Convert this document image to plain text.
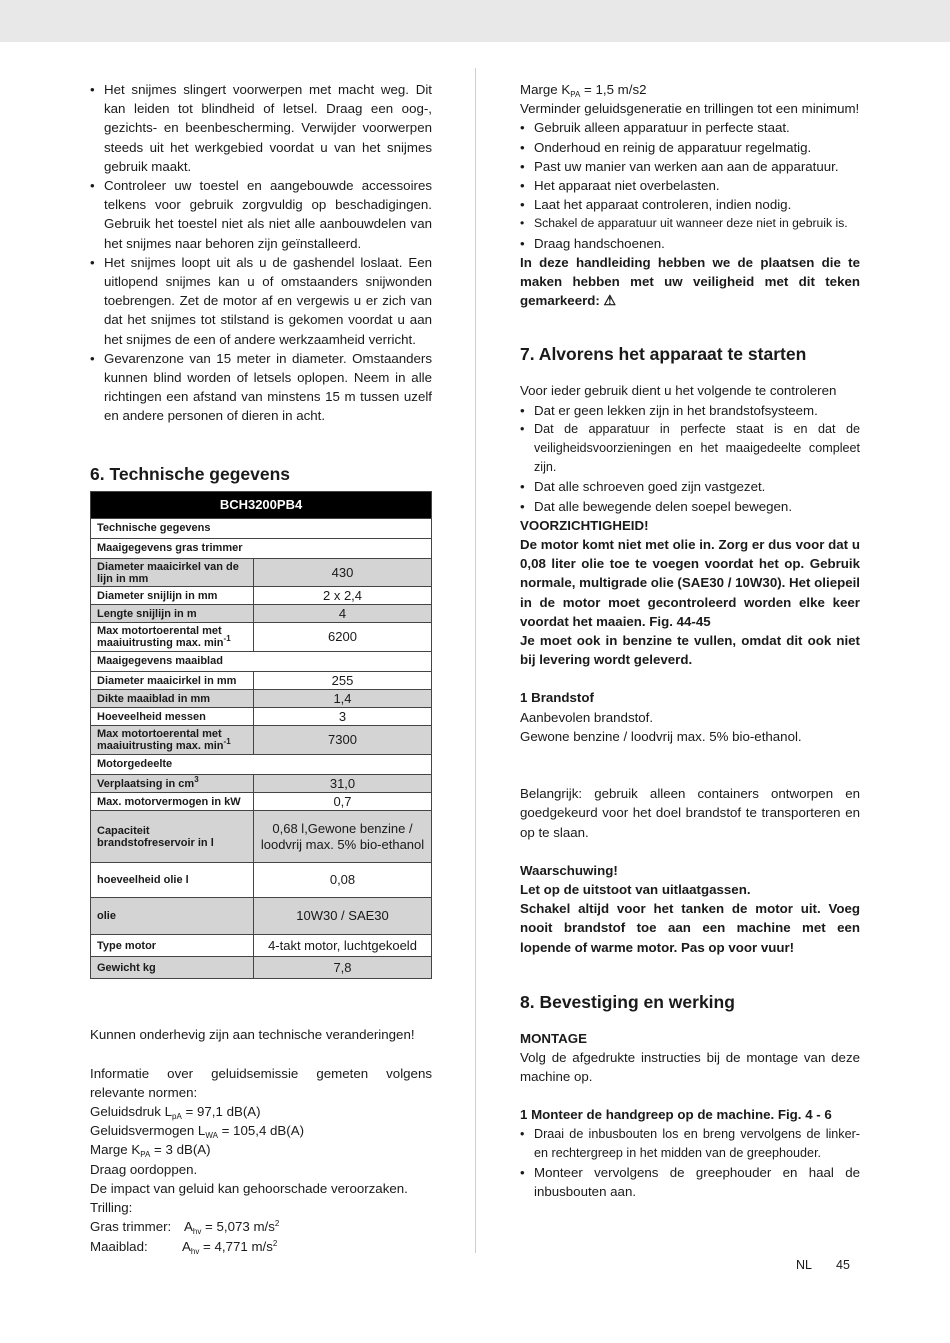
• Het snijmes slingert voorwerpen met macht weg. Dit kan leiden tot blindheid of letsel. Draag een oog-, gezichts- en beenbescherming. Verwijder voorwerpen steeds uit het werkgebied voordat u van het snijmes gebruik maakt.
• Controleer uw toestel en aangebouwde accessoires telkens voor gebruik zorgvuldig op beschadigingen. Gebruik het toestel niet als niet alle aanbouwdelen van het snijmes naar behoren zijn geïnstalleerd.
• Het snijmes loopt uit als u de gashendel loslaat. Een uitlopend snijmes kan u of omstaanders snijwonden toebrengen. Zet de motor af en vergewis u er zich van dat het snijmes tot stilstand is gekomen voordat u aan het snijmes de een of andere werkzaamheid verricht.
• Gevarenzone van 15 meter in diameter. Omstaanders kunnen blind worden of letsels oplopen. Neem in alle richtingen een afstand van minstens 15 m tussen uzelf en andere personen of dieren in acht.
6. Technische gegevens
BCH3200PB4	
Technische gegevens	
Maaigegevens gras trimmer	
Diameter maaicirkel van de lijn in mm	430
Diameter snijlijn in mm	2 x 2,4
Lengte snijlijn in m	4
Max motortoerental met maaiuitrusting max. $\min^{-1}$	6200
Maaigegevens maaiblad	
Diameter maaicirkel in mm	255
Dikte maaiblad in mm	1,4
Hoeveelheid messen	3
Max motortoerental met maaiuitrusting max. $\min^{-1}$	7300
Motorgedeelte	
Verplaatsing in $cm^3$	31,0
Max. motorvermogen in kW	0,7
Capaciteit brandstofreservoir in l	0,68 l,Gewone benzine / loodvrij max. 5% bio-ethanol
hoeveelheid olie l	0,08
olie	10W30 / SAE30
Type motor	4-takt motor, luchtgekoeld
Gewicht kg	7,8
Kunnen onderhevig zijn aan technische veranderingen!
Informatie over geluidsemissie gemeten volgens relevante normen:
Geluidsdruk $L_{pA} = 97,1$ dB(A)
Geluidsvermogen $L_{WA} = 105,4$ dB(A)
Marge $K_{PA} = 3$ dB(A)
Draag oordoppen.
De impact van geluid kan gehoorschade veroorzaken.
Trilling:
Gras trimmer: $A_{hv} = 5,073$ $m/s^2$
Maaiblad:	$A_{hv} = 4,771$ $m/s^2$
Marge $K_{PA} = 1,5$ m/s2
Verminder geluidsgeneratie en trillingen tot een minimum!
• Gebruik alleen apparatuur in perfecte staat.
• Onderhoud en reinig de apparatuur regelmatig.
• Past uw manier van werken aan aan de apparatuur.
• Het apparaat niet overbelasten.
• Laat het apparaat controleren, indien nodig.
• Schakel de apparatuur uit wanneer deze niet in gebruik is.
• Draag handschoenen.
In deze handleiding hebben we de plaatsen die te maken hebben met uw veiligheid met dit teken gemarkeerd: ⚠
7. Alvorens het apparaat te starten
Voor ieder gebruik dient u het volgende te controleren
• Dat er geen lekken zijn in het brandstofsysteem.
• Dat de apparatuur in perfecte staat is en dat de veiligheidsvoorzieningen en het maaigedeelte compleet zijn.
• Dat alle schroeven goed zijn vastgezet.
• Dat alle bewegende delen soepel bewegen.
VOORZICHTIGHEID!
De motor komt niet met olie in. Zorg er dus voor dat u 0,08 liter olie toe te voegen voordat het op. Gebruik normale, multigrade olie (SAE30 / 10W30). Het oliepeil in de motor moet gecontroleerd worden elke keer voordat het maaien. Fig. 44-45
Je moet ook in benzine te vullen, omdat dit ook niet bij levering wordt geleverd.
1 Brandstof
Aanbevolen brandstof.
Gewone benzine / loodvrij max. 5% bio-ethanol.
Belangrijk: gebruik alleen containers ontworpen en goedgekeurd voor het doel brandstof te transporteren en op te slaan.
Waarschuwing!
Let op de uitstoot van uitlaatgassen.
Schakel altijd voor het tanken de motor uit. Voeg nooit brandstof toe aan een machine met een lopende of warme motor. Pas op voor vuur!
8. Bevestiging en werking
MONTAGE
Volg de afgedrukte instructies bij de montage van deze machine op.
1 Monteer de handgreep op de machine. Fig. 4 - 6
• Draai de inbusbouten los en breng vervolgens de linker- en rechtergreep in het midden van de greephouder.
• Monteer vervolgens de greephouder en haal de inbusbouten aan.
NL 45
